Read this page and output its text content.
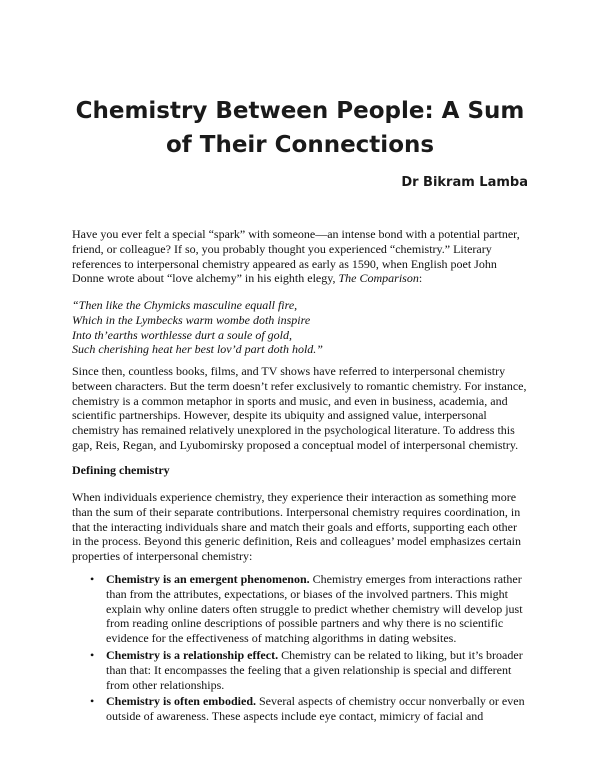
Chemistry Between People: A Sum of Their Connections
Dr Bikram Lamba

Have you ever felt a special “spark” with someone—an intense bond with a potential partner, friend, or colleague? If so, you probably thought you experienced “chemistry.” Literary references to interpersonal chemistry appeared as early as 1590, when English poet John Donne wrote about “love alchemy” in his eighth elegy, The Comparison:

“Then like the Chymicks masculine equall fire,

Which in the Lymbecks warm wombe doth inspire

Into th’earths worthlesse durt a soule of gold,

Such cherishing heat her best lov’d part doth hold.”

Since then, countless books, films, and TV shows have referred to interpersonal chemistry between characters. But the term doesn’t refer exclusively to romantic chemistry. For instance, chemistry is a common metaphor in sports and music, and even in business, academia, and scientific partnerships. However, despite its ubiquity and assigned value, interpersonal chemistry has remained relatively unexplored in the psychological literature. To address this gap, Reis, Regan, and Lyubomirsky proposed a conceptual model of interpersonal chemistry.

Defining chemistry

When individuals experience chemistry, they experience their interaction as something more than the sum of their separate contributions. Interpersonal chemistry requires coordination, in that the interacting individuals share and match their goals and efforts, supporting each other in the process. Beyond this generic definition, Reis and colleagues’ model emphasizes certain properties of interpersonal chemistry:

• Chemistry is an emergent phenomenon. Chemistry emerges from interactions rather than from the attributes, expectations, or biases of the involved partners. This might explain why online daters often struggle to predict whether chemistry will develop just from reading online descriptions of possible partners and why there is no scientific evidence for the effectiveness of matching algorithms in dating websites.
• Chemistry is a relationship effect. Chemistry can be related to liking, but it’s broader than that: It encompasses the feeling that a given relationship is special and different from other relationships.
• Chemistry is often embodied. Several aspects of chemistry occur nonverbally or even outside of awareness. These aspects include eye contact, mimicry of facial and
